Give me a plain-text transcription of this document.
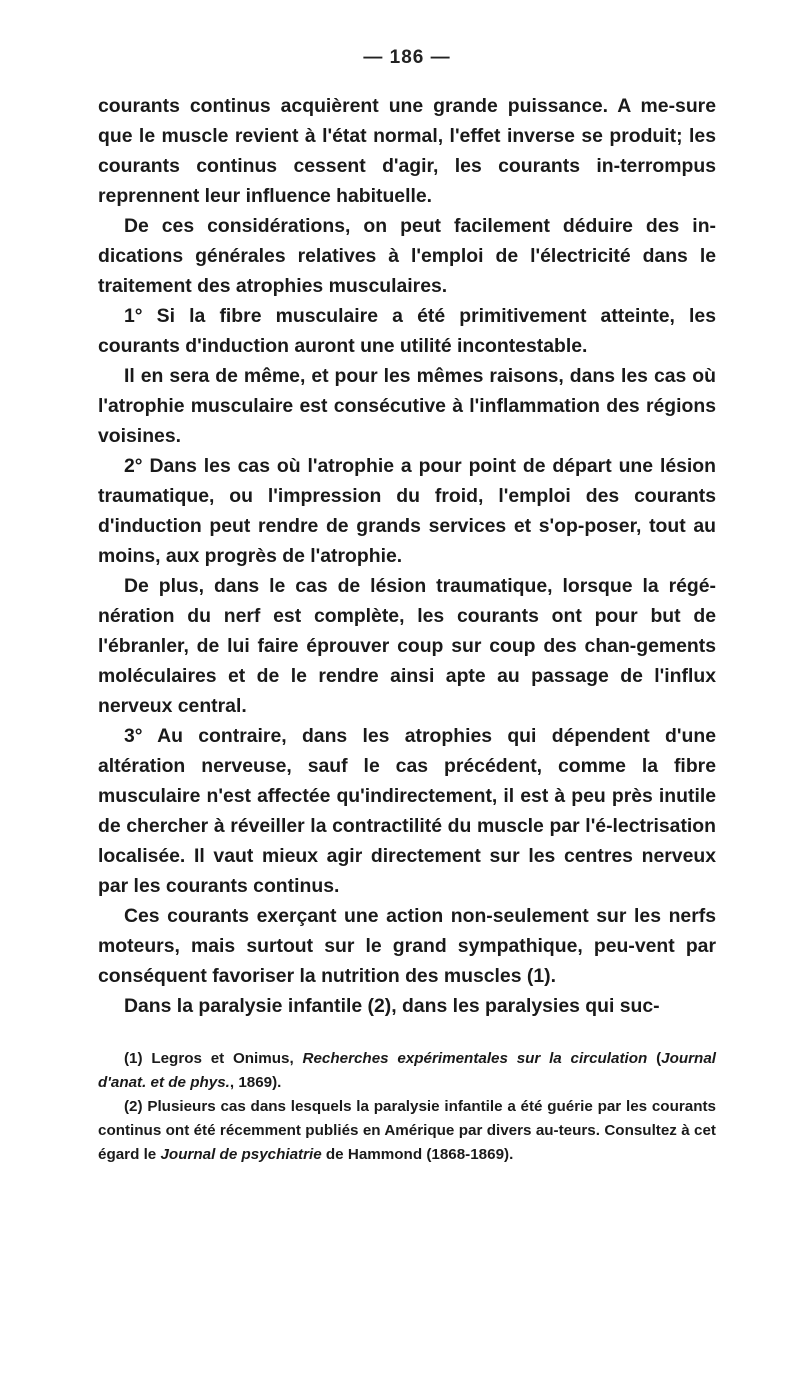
— 186 —

courants continus acquièrent une grande puissance. A me-sure que le muscle revient à l'état normal, l'effet inverse se produit; les courants continus cessent d'agir, les courants in-terrompus reprennent leur influence habituelle.

De ces considérations, on peut facilement déduire des in-dications générales relatives à l'emploi de l'électricité dans le traitement des atrophies musculaires.

1° Si la fibre musculaire a été primitivement atteinte, les courants d'induction auront une utilité incontestable.

Il en sera de même, et pour les mêmes raisons, dans les cas où l'atrophie musculaire est consécutive à l'inflammation des régions voisines.

2° Dans les cas où l'atrophie a pour point de départ une lésion traumatique, ou l'impression du froid, l'emploi des courants d'induction peut rendre de grands services et s'op-poser, tout au moins, aux progrès de l'atrophie.

De plus, dans le cas de lésion traumatique, lorsque la régé-nération du nerf est complète, les courants ont pour but de l'ébranler, de lui faire éprouver coup sur coup des chan-gements moléculaires et de le rendre ainsi apte au passage de l'influx nerveux central.

3° Au contraire, dans les atrophies qui dépendent d'une altération nerveuse, sauf le cas précédent, comme la fibre musculaire n'est affectée qu'indirectement, il est à peu près inutile de chercher à réveiller la contractilité du muscle par l'é-lectrisation localisée. Il vaut mieux agir directement sur les centres nerveux par les courants continus.

Ces courants exerçant une action non-seulement sur les nerfs moteurs, mais surtout sur le grand sympathique, peu-vent par conséquent favoriser la nutrition des muscles (1).

Dans la paralysie infantile (2), dans les paralysies qui suc-

(1) Legros et Onimus, Recherches expérimentales sur la circulation (Journal d'anat. et de phys., 1869).

(2) Plusieurs cas dans lesquels la paralysie infantile a été guérie par les courants continus ont été récemment publiés en Amérique par divers au-teurs. Consultez à cet égard le Journal de psychiatrie de Hammond (1868-1869).
